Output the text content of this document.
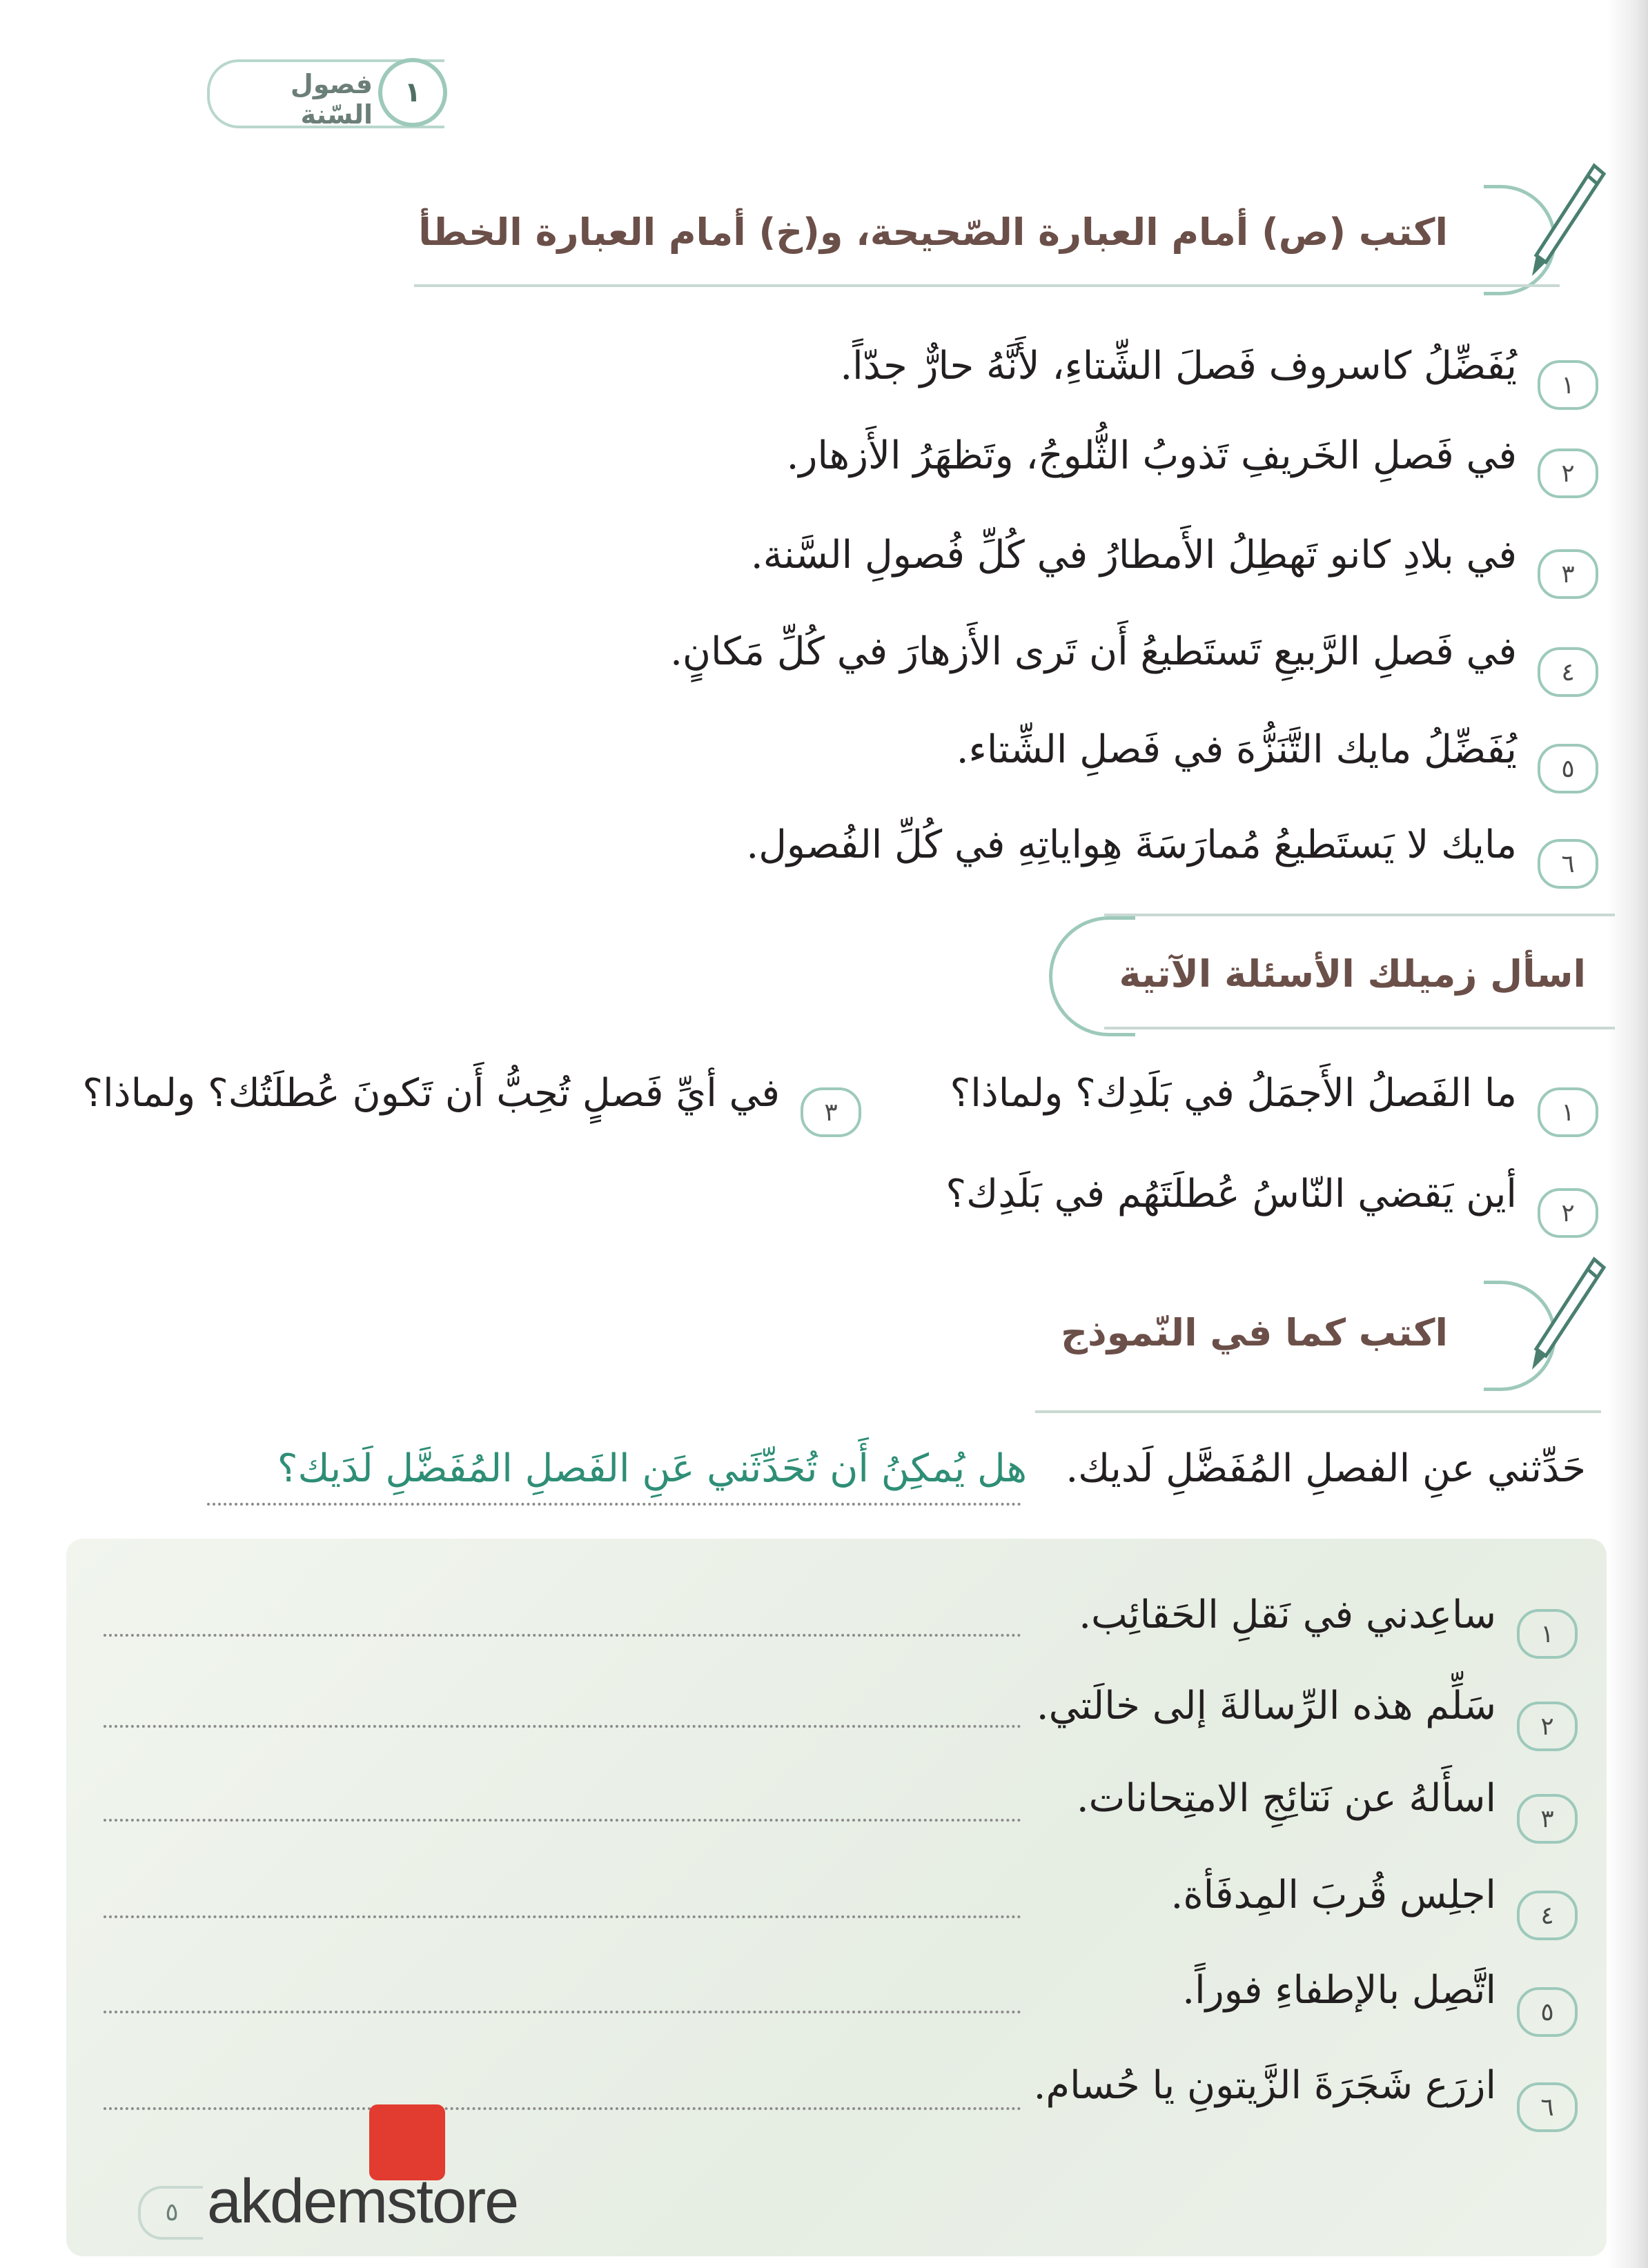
فصول السّنة
١
اكتب (ص) أمام العبارة الصّحيحة، و(خ) أمام العبارة الخطأ
١
يُفَضِّلُ كاسروف فَصلَ الشِّتاءِ، لأَنَّهُ حارٌّ جدّاً.
٢
في فَصلِ الخَريفِ تَذوبُ الثُّلوجُ، وتَظهَرُ الأَزهار.
٣
في بلادِ كانو تَهطِلُ الأَمطارُ في كُلِّ فُصولِ السَّنة.
٤
في فَصلِ الرَّبيعِ تَستَطيعُ أَن تَرى الأَزهارَ في كُلِّ مَكانٍ.
٥
يُفَضِّلُ مايك التَّنَزُّهَ في فَصلِ الشِّتاء.
٦
مايك لا يَستَطيعُ مُمارَسَةَ هِواياتِهِ في كُلِّ الفُصول.
اسأل زميلك الأسئلة الآتية
١
ما الفَصلُ الأَجمَلُ في بَلَدِك؟ ولماذا؟
٣
في أيِّ فَصلٍ تُحِبُّ أَن تَكونَ عُطلَتُك؟ ولماذا؟
٢
أين يَقضي النّاسُ عُطلَتَهُم في بَلَدِك؟
اكتب كما في النّموذج
حَدِّثني عنِ الفصلِ المُفَضَّلِ لَديك.
هل يُمكِنُ أَن تُحَدِّثَني عَنِ الفَصلِ المُفَضَّلِ لَدَيك؟
١
ساعِدني في نَقلِ الحَقائِب.
٢
سَلِّم هذه الرِّسالةَ إلى خالَتي.
٣
اسأَلهُ عن نَتائِجِ الامتِحانات.
٤
اجلِس قُربَ المِدفَأة.
٥
اتَّصِل بالإطفاءِ فوراً.
٦
ازرَع شَجَرَةَ الزَّيتونِ يا حُسام.
akdemstore
٥
